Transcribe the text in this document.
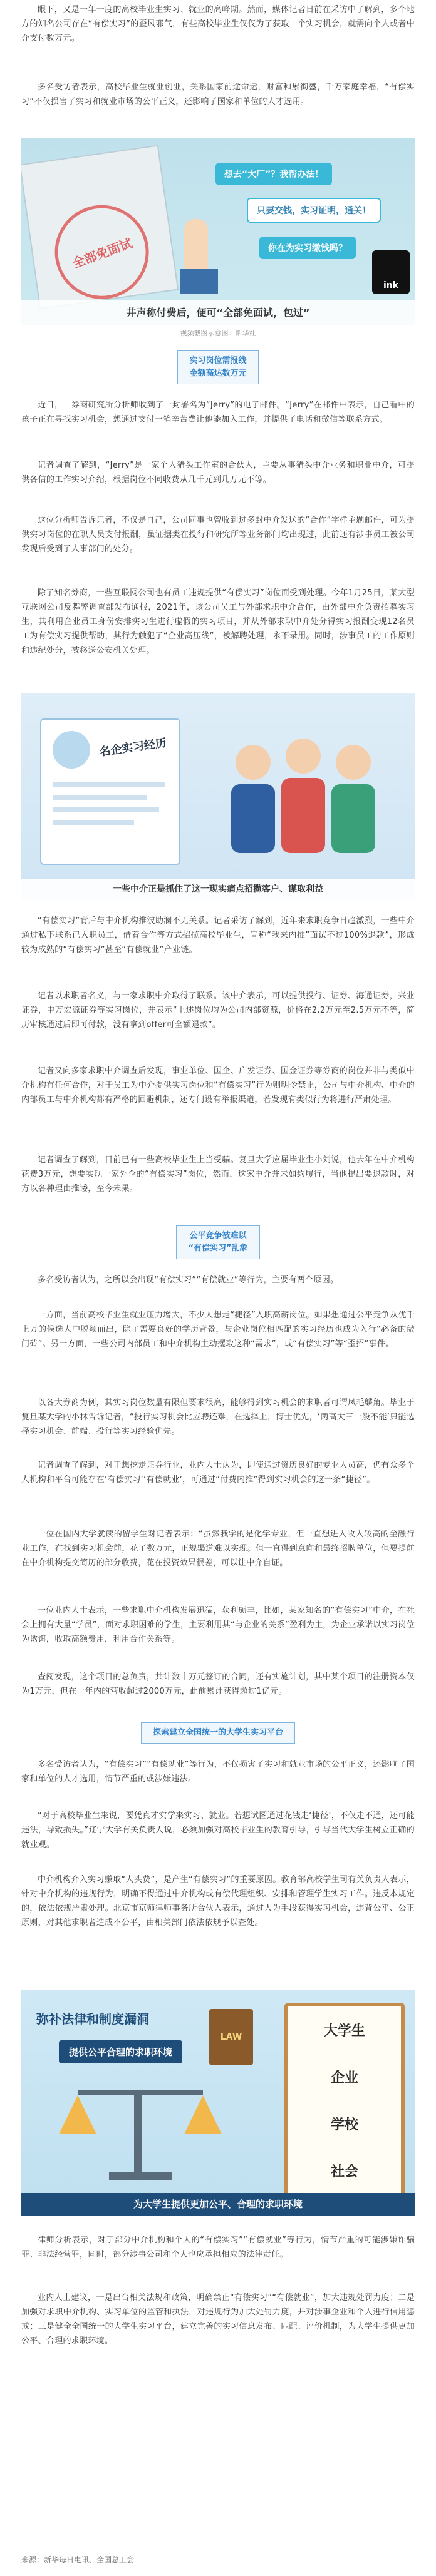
眼下，又是一年一度的高校毕业生实习、就业的高峰期。然而，媒体记者日前在采访中了解到，多个地方的知名公司存在“有偿实习”的歪风邪气，有些高校毕业生仅仅为了获取一个实习机会，就需向个人或者中介支付数万元。

多名受访者表示，高校毕业生就业创业，关系国家前途命运，财富和累彻盛，千万家庭幸福，“有偿实习”不仅损害了实习和就业市场的公平正义，还影响了国家和单位的人才选用。

全部免面试
想去“大厂”？我帮办法！
只要交钱，实习证明，通关！
你在为实习缴钱吗？
ink
井声称付费后，便可“全部免面试，包过”
视频截图示意图：新华社
实习岗位需报线
金额高达数万元

近日，一券商研究所分析师收到了一封署名为“Jerry”的电子邮件。“Jerry”在邮件中表示，自己看中的孩子正在寻找实习机会，想通过支付一笔辛苦费让他能加入工作，并提供了电话和微信等联系方式。

记者调查了解到，“Jerry”是一家个人猎头工作室的合伙人，主要从事猎头中介业务和职业中介，可提供各信的工作实习介绍，根据岗位不同收费从几千元到几万元不等。

这位分析师告诉记者，不仅是自己，公司同事也曾收到过多封中介发送的“合作”字样主题邮件，可为提供实习岗位的在职人员支付报酬，虽证据类在投行和研究所等业务部门均出现过，此前还有涉事员工被公司发现后受到了人事部门的处分。

除了知名券商，一些互联网公司也有员工违规提供“有偿实习”岗位而受到处理。今年1月25日，某大型互联网公司反舞弊调查部发布通报，2021年，该公司员工与外部求职中介合作，由外部中介负责招募实习生，其利用企业员工身份安排实习生进行虚假的实习项目，并从外部求职中介处分得实习报酬变现12名员工为有偿实习提供帮助，其行为触犯了“企业高压线”，被解聘处理，永不录用。同时，涉事员工的工作原则和违纪处分，被移送公安机关处理。

名企实习经历
一些中介正是抓住了这一现实痛点招揽客户、谋取利益

“有偿实习”背后与中介机构推波助澜不无关系。记者采访了解到，近年来求职竞争日趋激烈，一些中介通过私下联系已入职员工，借着合作等方式招揽高校毕业生，宣称“我来内推”面试不过100%退款”，形成较为成熟的“有偿实习”甚至“有偿就业”产业链。

记者以求职者名义，与一家求职中介取得了联系。该中介表示，可以提供投行、证券、海通证券，兴业证券，申万宏源证券等实习岗位，并表示“上述岗位均为公司内部资源，价格在2.2万元至2.5万元不等，简历审核通过后即可付款，没有拿到offer可全额退款”。

记者又向多家求职中介调查后发现，事业单位、国企、广发证券、国金证券等券商的岗位并非与类似中介机构有任何合作，对于员工为中介提供实习岗位和“有偿实习”行为则明令禁止，公司与中介机构、中介的内部员工与中介机构都有严格的回避机制，还专门设有举报渠道，若发现有类似行为将进行严肃处理。

记者调查了解到，目前已有一些高校毕业生上当受骗。复旦大学应届毕业生小刘说，他去年在中介机构花费3万元，想要实现一家外企的“有偿实习”岗位，然而，这家中介并未如约履行，当他提出要退款时，对方以各种理由推诿，至今未果。

公平竞争被难以
“有偿实习”乱象

多名受访者认为，之所以会出现“有偿实习”“有偿就业”等行为，主要有两个原因。

一方面，当前高校毕业生就业压力增大，不少人想走“捷径”入职高薪岗位。如果想通过公平竞争从优千上万的候选人中脱颖而出，除了需要良好的学历背景，与企业岗位相匹配的实习经历也成为入行“必备的敲门砖”。另一方面，一些公司内部员工和中介机构主动攫取这种“需求”，或“有偿实习”等“歪招”事件。

以各大券商为例，其实习岗位数量有限但要求很高，能够得到实习机会的求职者可谓凤毛麟角。毕业于复旦某大学的小林告诉记者，“投行实习机会比应聘还难，在选择上，博士优先，‘两高大三一般不能’只能选择实习机会、前端、投行等实习经验优先。

记者调查了解到，对于想挖走证券行业，业内人士认为，即使通过资历良好的专业人员高，仍有众多个人机构和平台可能存在‘有偿实习’‘有偿就业’，可通过“付费内推”得到实习机会的这一条“捷径”。

一位在国内大学就读的留学生对记者表示：“虽然我学的是化学专业，但一直想进入收入较高的金融行业工作，在找到实习机会前，花了数万元，正规渠道难以实现。但一直得到意向和最终招聘单位，但要提前在中介机构提交简历的部分收费，花在投资效果很差，可以让中介自证。

一位业内人士表示，一些求职中介机构发展迅猛，获利颇丰，比如，某家知名的“有偿实习”中介，在社会上拥有大量“学员”，面对求职困难的学生，主要利用其“与企业的关系”盈利为主，为企业承诺以实习岗位为诱饵，收取高额费用，利用合作关系等。

查阅发现，这个项目的总负责，共计数十万元签订的合同，还有实施计划，其中某个项目的注册资本仅为1万元，但在一年内的营收超过2000万元，此前累计获得超过1亿元。

探索建立全国统一的大学生实习平台

多名受访者认为，“有偿实习”“有偿就业”等行为，不仅损害了实习和就业市场的公平正义，还影响了国家和单位的人才选用，情节严重的或涉嫌违法。

“对于高校毕业生来说，要凭真才实学来实习、就业。若想试图通过花钱走‘捷径’，不仅走不通，还可能违法，导致损失。”辽宁大学有关负责人说，必须加强对高校毕业生的教育引导，引导当代大学生树立正确的就业观。

中介机构介入实习赚取“人头费”，是产生“有偿实习”的重要原因。教育部高校学生司有关负责人表示，针对中介机构的违规行为，明确不得通过中介机构或有偿代理组织、安排和管理学生实习工作。违反本规定的，依法依规严肃处理。北京市京师律师事务所合伙人表示，通过人为手段获得实习机会，违背公平、公正原则，对其他求职者造成不公平，由相关部门依法依规予以查处。

弥补法律和制度漏洞
提供公平合理的求职环境
LAW	大学生
企业
学校
社会
为大学生提供更加公平、合理的求职环境

律师分析表示，对于部分中介机构和个人的“有偿实习”“有偿就业”等行为，情节严重的可能涉嫌诈骗罪、非法经营罪，同时，部分涉事公司和个人也应承担相应的法律责任。

业内人士建议，一是出台相关法规和政策，明确禁止“有偿实习”“有偿就业”，加大违规处罚力度；二是加强对求职中介机构、实习单位的监管和执法，对违规行为加大处罚力度，并对涉事企业和个人进行信用惩戒；三是健全全国统一的大学生实习平台，建立完善的实习信息发布、匹配、评价机制，为大学生提供更加公平、合理的求职环境。

来源：新华每日电讯、全国总工会
